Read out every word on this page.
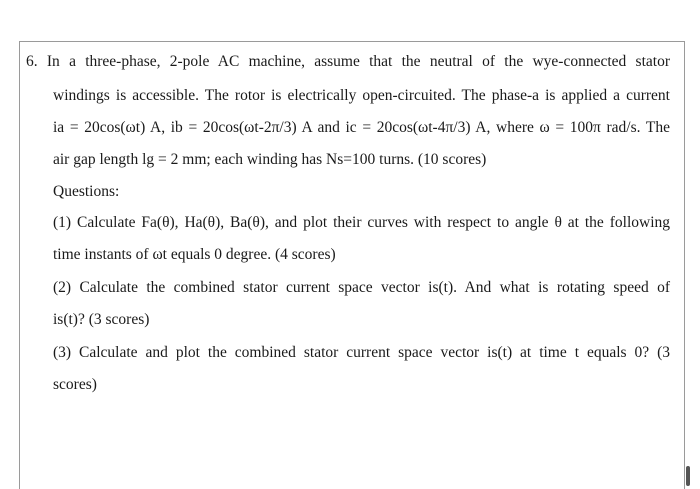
6. In a three-phase, 2-pole AC machine, assume that the neutral of the wye-connected stator
windings is accessible. The rotor is electrically open-circuited. The phase-a is applied a current
ia = 20cos(ωt) A, ib = 20cos(ωt-2π/3) A and ic = 20cos(ωt-4π/3) A, where ω = 100π rad/s. The
air gap length lg = 2 mm; each winding has Ns=100 turns. (10 scores)
Questions:
(1) Calculate Fa(θ), Ha(θ), Ba(θ), and plot their curves with respect to angle θ at the following
time instants of ωt equals 0 degree. (4 scores)
(2) Calculate the combined stator current space vector is(t). And what is rotating speed of
is(t)? (3 scores)
(3) Calculate and plot the combined stator current space vector is(t) at time t equals 0? (3
scores)
